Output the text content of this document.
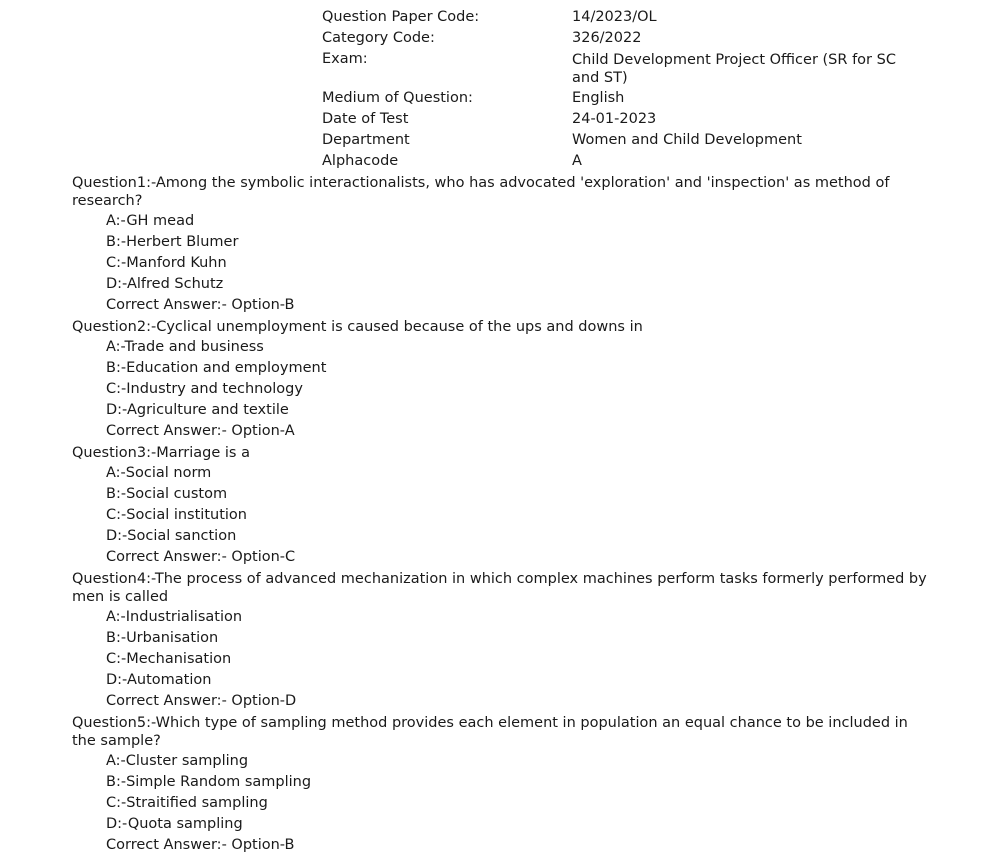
Question Paper Code:	14/2023/OL
Category Code:	326/2022
Exam:	Child Development Project Officer (SR for SC and ST)
Medium of Question:	English
Date of Test	24-01-2023
Department	Women and Child Development
Alphacode	A
Question1:-Among the symbolic interactionalists, who has advocated 'exploration' and 'inspection' as method of research?
A:-GH mead
B:-Herbert Blumer
C:-Manford Kuhn
D:-Alfred Schutz
Correct Answer:- Option-B
Question2:-Cyclical unemployment is caused because of the ups and downs in
A:-Trade and business
B:-Education and employment
C:-Industry and technology
D:-Agriculture and textile
Correct Answer:- Option-A
Question3:-Marriage is a
A:-Social norm
B:-Social custom
C:-Social institution
D:-Social sanction
Correct Answer:- Option-C
Question4:-The process of advanced mechanization in which complex machines perform tasks formerly performed by men is called
A:-Industrialisation
B:-Urbanisation
C:-Mechanisation
D:-Automation
Correct Answer:- Option-D
Question5:-Which type of sampling method provides each element in population an equal chance to be included in the sample?
A:-Cluster sampling
B:-Simple Random sampling
C:-Straitified sampling
D:-Quota sampling
Correct Answer:- Option-B
